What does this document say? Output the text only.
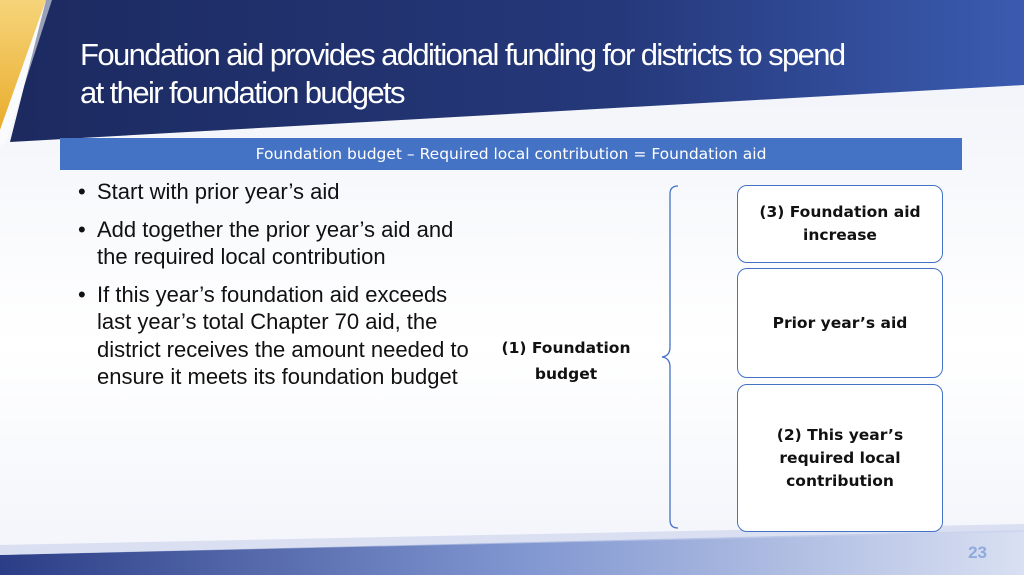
Foundation aid provides additional funding for districts to spend
at their foundation budgets
Foundation budget – Required local contribution = Foundation aid
• Start with prior year’s aid
• Add together the prior year’s aid and the required local contribution
• If this year’s foundation aid exceeds last year’s total Chapter 70 aid, the district receives the amount needed to ensure it meets its foundation budget
(1) Foundation budget
(3) Foundation aid increase
Prior year’s aid
(2) This year’s required local contribution
23
